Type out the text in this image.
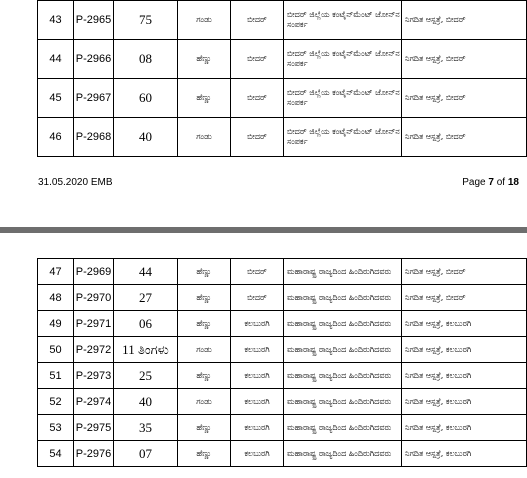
43	P-2965	75	ಗಂಡು	ಬೀದರ್	ಬೀದರ್ ಜಿಲ್ಲೆಯ ಕಂಟೈನ್‌ಮೆಂಟ್ ಜೋನ್‌ನ ಸಂಪರ್ಕ	ನಿಗದಿತ ಆಸ್ಪತ್ರೆ, ಬೀದರ್
44	P-2966	08	ಹೆಣ್ಣು	ಬೀದರ್	ಬೀದರ್ ಜಿಲ್ಲೆಯ ಕಂಟೈನ್‌ಮೆಂಟ್ ಜೋನ್‌ನ ಸಂಪರ್ಕ	ನಿಗದಿತ ಆಸ್ಪತ್ರೆ, ಬೀದರ್
45	P-2967	60	ಹೆಣ್ಣು	ಬೀದರ್	ಬೀದರ್ ಜಿಲ್ಲೆಯ ಕಂಟೈನ್‌ಮೆಂಟ್ ಜೋನ್‌ನ ಸಂಪರ್ಕ	ನಿಗದಿತ ಆಸ್ಪತ್ರೆ, ಬೀದರ್
46	P-2968	40	ಗಂಡು	ಬೀದರ್	ಬೀದರ್ ಜಿಲ್ಲೆಯ ಕಂಟೈನ್‌ಮೆಂಟ್ ಜೋನ್‌ನ ಸಂಪರ್ಕ	ನಿಗದಿತ ಆಸ್ಪತ್ರೆ, ಬೀದರ್
31.05.2020 EMB	Page 7 of 18
47	P-2969	44	ಹೆಣ್ಣು	ಬೀದರ್	ಮಹಾರಾಷ್ಟ್ರ ರಾಜ್ಯದಿಂದ ಹಿಂದಿರುಗಿದವರು	ನಿಗದಿತ ಆಸ್ಪತ್ರೆ, ಬೀದರ್
48	P-2970	27	ಹೆಣ್ಣು	ಬೀದರ್	ಮಹಾರಾಷ್ಟ್ರ ರಾಜ್ಯದಿಂದ ಹಿಂದಿರುಗಿದವರು	ನಿಗದಿತ ಆಸ್ಪತ್ರೆ, ಬೀದರ್
49	P-2971	06	ಹೆಣ್ಣು	ಕಲಬುರಗಿ	ಮಹಾರಾಷ್ಟ್ರ ರಾಜ್ಯದಿಂದ ಹಿಂದಿರುಗಿದವರು	ನಿಗದಿತ ಆಸ್ಪತ್ರೆ, ಕಲಬುರಗಿ
50	P-2972	11 ತಿಂಗಳು	ಗಂಡು	ಕಲಬುರಗಿ	ಮಹಾರಾಷ್ಟ್ರ ರಾಜ್ಯದಿಂದ ಹಿಂದಿರುಗಿದವರು	ನಿಗದಿತ ಆಸ್ಪತ್ರೆ, ಕಲಬುರಗಿ
51	P-2973	25	ಹೆಣ್ಣು	ಕಲಬುರಗಿ	ಮಹಾರಾಷ್ಟ್ರ ರಾಜ್ಯದಿಂದ ಹಿಂದಿರುಗಿದವರು	ನಿಗದಿತ ಆಸ್ಪತ್ರೆ, ಕಲಬುರಗಿ
52	P-2974	40	ಗಂಡು	ಕಲಬುರಗಿ	ಮಹಾರಾಷ್ಟ್ರ ರಾಜ್ಯದಿಂದ ಹಿಂದಿರುಗಿದವರು	ನಿಗದಿತ ಆಸ್ಪತ್ರೆ, ಕಲಬುರಗಿ
53	P-2975	35	ಹೆಣ್ಣು	ಕಲಬುರಗಿ	ಮಹಾರಾಷ್ಟ್ರ ರಾಜ್ಯದಿಂದ ಹಿಂದಿರುಗಿದವರು	ನಿಗದಿತ ಆಸ್ಪತ್ರೆ, ಕಲಬುರಗಿ
54	P-2976	07	ಹೆಣ್ಣು	ಕಲಬುರಗಿ	ಮಹಾರಾಷ್ಟ್ರ ರಾಜ್ಯದಿಂದ ಹಿಂದಿರುಗಿದವರು	ನಿಗದಿತ ಆಸ್ಪತ್ರೆ, ಕಲಬುರಗಿ
